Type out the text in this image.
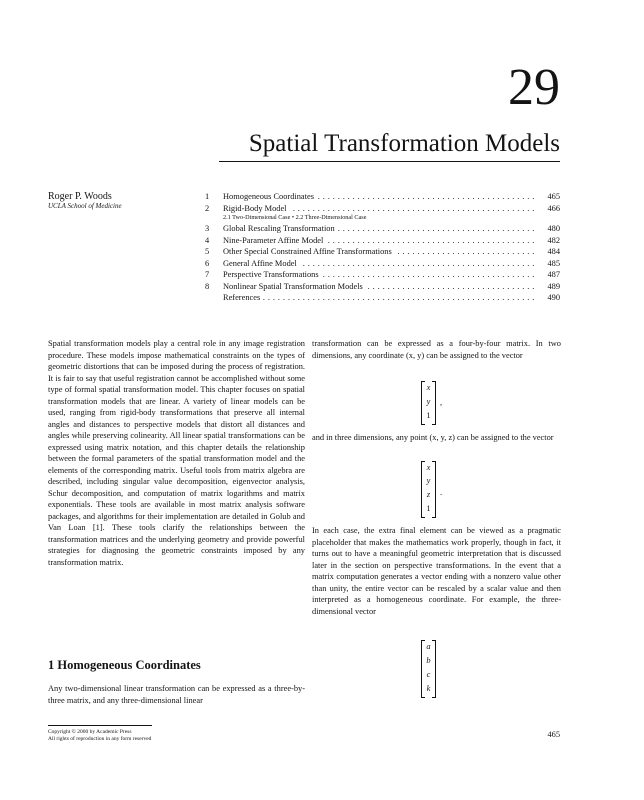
29
Spatial Transformation Models
Roger P. Woods
UCLA School of Medicine
1	Homogeneous Coordinates . . .	465
2	Rigid-Body Model . . .	466
2.1 Two-Dimensional Case • 2.2 Three-Dimensional Case
3	Global Rescaling Transformation . . .	480
4	Nine-Parameter Affine Model . . .	482
5	Other Special Constrained Affine Transformations . . .	484
6	General Affine Model . . .	485
7	Perspective Transformations . . .	487
8	Nonlinear Spatial Transformation Models . . .	489
References . . .	490

Spatial transformation models play a central role in any image registration procedure. These models impose mathematical constraints on the types of geometric distortions that can be imposed during the process of registration. It is fair to say that useful registration cannot be accomplished without some type of formal spatial transformation model. This chapter focuses on spatial transformation models that are linear. A variety of linear models can be used, ranging from rigid-body transformations that preserve all internal angles and distances to perspective models that distort all distances and angles while preserving colinearity. All linear spatial transformations can be expressed using matrix notation, and this chapter details the relationship between the formal parameters of the spatial transformation model and the elements of the corresponding matrix. Useful tools from matrix algebra are described, including singular value decomposition, eigenvector analysis, Schur decomposition, and computation of matrix logarithms and matrix exponentials. These tools are available in most matrix analysis software packages, and algorithms for their implementation are detailed in Golub and Van Loan [1]. These tools clarify the relationships between the transformation matrices and the underlying geometry and provide powerful strategies for diagnosing the geometric constraints imposed by any transformation matrix.

1 Homogeneous Coordinates
Any two-dimensional linear transformation can be expressed as a three-by-three matrix, and any three-dimensional linear

transformation can be expressed as a four-by-four matrix. In two dimensions, any coordinate (x, y) can be assigned to the vector

x
y
1
,

and in three dimensions, any point (x, y, z) can be assigned to the vector

x
y
z
1
.

In each case, the extra final element can be viewed as a pragmatic placeholder that makes the mathematics work properly, though in fact, it turns out to have a meaningful geometric interpretation that is discussed later in the section on perspective transformations. In the event that a matrix computation generates a vector ending with a nonzero value other than unity, the entire vector can be rescaled by a scalar value and then interpreted as a homogeneous coordinate. For example, the three-dimensional vector

a
b
c
k
Copyright © 2000 by Academic Press
All rights of reproduction in any form reserved	465
